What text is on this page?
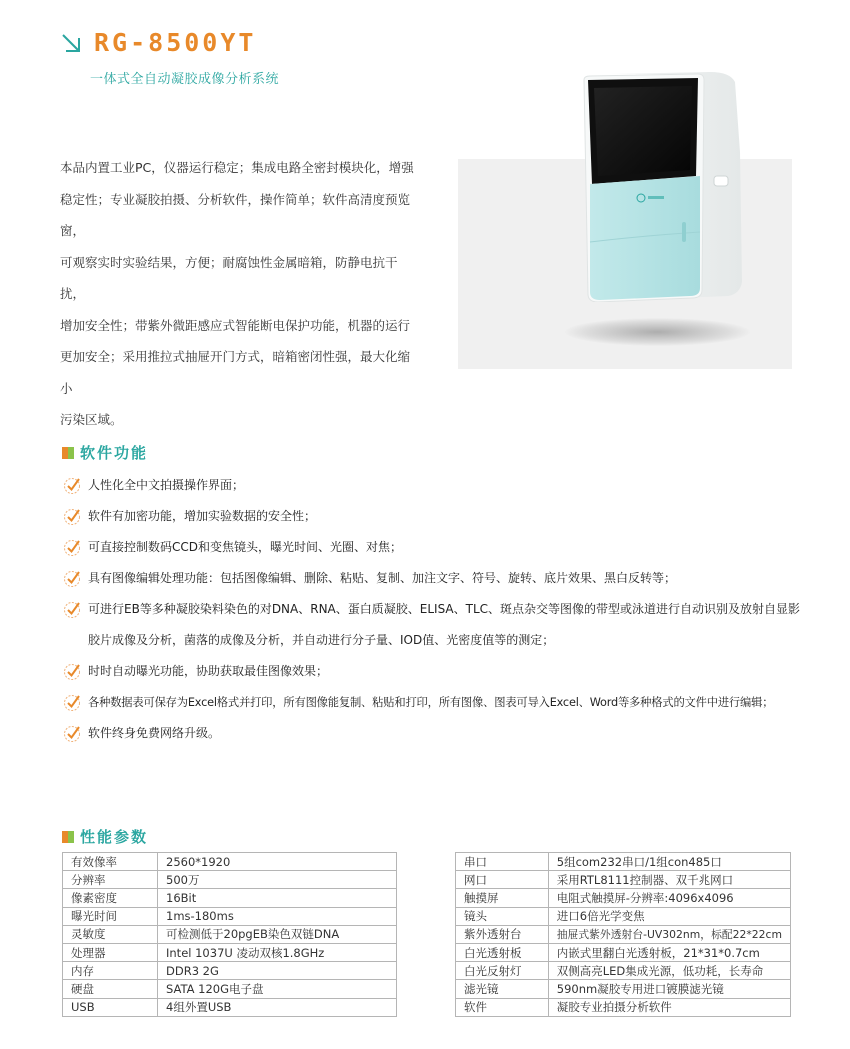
RG-8500YT
一体式全自动凝胶成像分析系统
本品内置工业PC，仪器运行稳定；集成电路全密封模块化，增强
稳定性；专业凝胶拍摄、分析软件，操作简单；软件高清度预览窗，
可观察实时实验结果，方便；耐腐蚀性金属暗箱，防静电抗干扰，
增加安全性；带紫外微距感应式智能断电保护功能，机器的运行
更加安全；采用推拉式抽屉开门方式，暗箱密闭性强，最大化缩小
污染区域。
软件功能
人性化全中文拍摄操作界面；
软件有加密功能，增加实验数据的安全性；
可直接控制数码CCD和变焦镜头，曝光时间、光圈、对焦；
具有图像编辑处理功能：包括图像编辑、删除、粘贴、复制、加注文字、符号、旋转、底片效果、黑白反转等；
可进行EB等多种凝胶染料染色的对DNA、RNA、蛋白质凝胶、ELISA、TLC、斑点杂交等图像的带型或泳道进行自动识别及放射自显影胶片成像及分析，菌落的成像及分析，并自动进行分子量、IOD值、光密度值等的测定；
时时自动曝光功能，协助获取最佳图像效果；
各种数据表可保存为Excel格式并打印，所有图像能复制、粘贴和打印，所有图像、图表可导入Excel、Word等多种格式的文件中进行编辑；
软件终身免费网络升级。
性能参数
有效像率	2560*1920
分辨率	500万
像素密度	16Bit
曝光时间	1ms-180ms
灵敏度	可检测低于20pgEB染色双链DNA
处理器	Intel 1037U 凌动双核1.8GHz
内存	DDR3 2G
硬盘	SATA 120G电子盘
USB	4组外置USB
串口	5组com232串口/1组con485口
网口	采用RTL8111控制器、双千兆网口
触摸屏	电阻式触摸屏-分辨率:4096x4096
镜头	进口6倍光学变焦
紫外透射台	抽屉式紫外透射台-UV302nm，标配22*22cm
白光透射板	内嵌式里翻白光透射板，21*31*0.7cm
白光反射灯	双侧高亮LED集成光源，低功耗，长寿命
滤光镜	590nm凝胶专用进口镀膜滤光镜
软件	凝胶专业拍摄分析软件
